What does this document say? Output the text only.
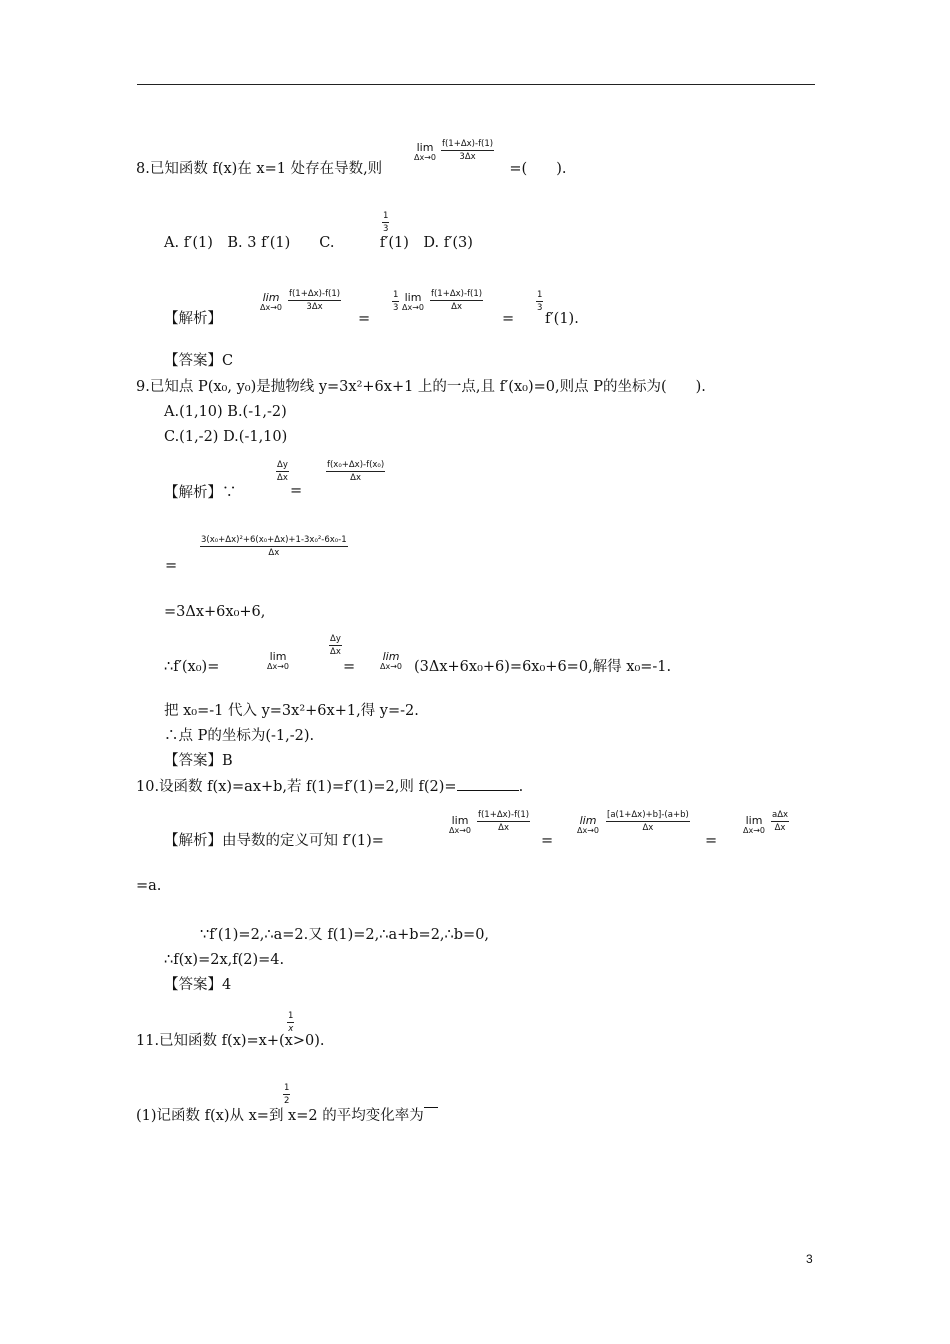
lim
$\Delta x\to 0 \frac{f(1+\Delta x)-f(1)}{3\Delta x}$
8.已知函数 f(x)在 x=1 处存在导数,则	=(　　).
$\frac{1}{3}$
A. f′(1)　B. 3 f′(1)　　C.	f′(1)　D. f′(3)
lim
$\Delta x\to 0 \frac{f(1+\Delta x)-f(1)}{3\Delta x}$	$\frac{1}{3}$ lim
$\Delta x\to 0 \frac{f(1+\Delta x)-f(1)}{\Delta x}$	$\frac{1}{3}$
【解析】	=	= f′(1).
【答案】C
9.已知点 P(x₀, y₀)是抛物线 y=3x²+6x+1 上的一点,且 f′(x₀)=0,则点 P的坐标为(　　).
A.(1,10) B.(-1,-2)
C.(1,-2) D.(-1,10)
$\frac{\Delta y}{\Delta x}$	$\frac{\text{f(x₀+Δx)-f(x₀)}}{\Delta x}$
【解析】∵	=
$\frac{\text{3(x₀+Δx)²+6(x₀+Δx)+1-3x₀²-6x₀-1}}{\Delta x}$
=
=3Δx+6x₀+6,
lim
Δx→0
$\frac{\Delta y}{\Delta x}$	lim
Δx→0
∴f′(x₀)=	=	(3Δx+6x₀+6)=6x₀+6=0,解得 x₀=-1.
把 x₀=-1 代入 y=3x²+6x+1,得 y=-2.
∴点 P的坐标为(-1,-2).
【答案】B
10.设函数 f(x)=ax+b,若 f(1)=f′(1)=2,则 f(2)=	.
lim
$\Delta x\to 0 \frac{f(1+\Delta x)-f(1)}{\Delta x}$	lim
$\Delta x\to 0 \frac{[a(1+\Delta x)+b]-(a+b)}{\Delta x}$	lim
Δx→0
aΔx
Δx
【解析】由导数的定义可知 f′(1)=	=	=
=a.
∵f′(1)=2,∴a=2.又 f(1)=2,∴a+b=2,∴b=0,
∴f(x)=2x,f(2)=4.
【答案】4
$\frac{1}{x}$
11.已知函数 f(x)=x+(x>0).
$\frac{1}{2}$
(1)记函数 f(x)从 x=到 x=2 的平均变化率为
3
